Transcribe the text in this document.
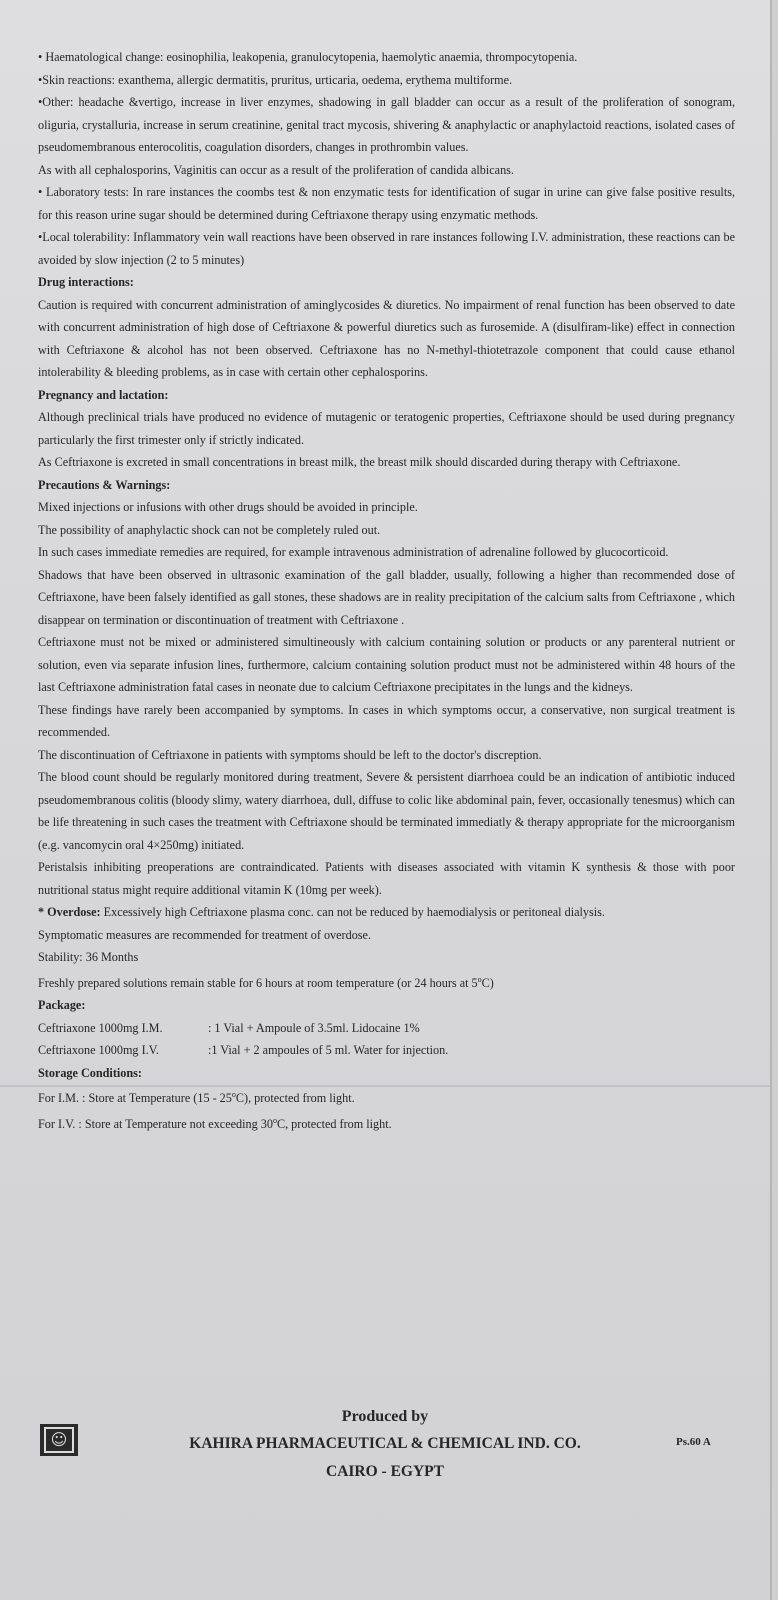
• Haematological change: eosinophilia, leakopenia, granulocytopenia, haemolytic anaemia, thrompocytopenia.

•Skin reactions: exanthema, allergic dermatitis, pruritus, urticaria, oedema, erythema multiforme.

•Other: headache &vertigo, increase in liver enzymes, shadowing in gall bladder can occur as a result of the proliferation of sonogram, oliguria, crystalluria, increase in serum creatinine, genital tract mycosis, shivering & anaphylactic or anaphylactoid reactions, isolated cases of pseudomembranous enterocolitis, coagulation disorders, changes in prothrombin values.

As with all cephalosporins, Vaginitis can occur as a result of the proliferation of candida albicans.

• Laboratory tests: In rare instances the coombs test & non enzymatic tests for identification of sugar in urine can give false positive results, for this reason urine sugar should be determined during Ceftriaxone therapy using enzymatic methods.

•Local tolerability: Inflammatory vein wall reactions have been observed in rare instances following I.V. administration, these reactions can be avoided by slow injection (2 to 5 minutes)

Drug interactions:

Caution is required with concurrent administration of aminglycosides & diuretics. No impairment of renal function has been observed to date with concurrent administration of high dose of Ceftriaxone & powerful diuretics such as furosemide. A (disulfiram-like) effect in connection with Ceftriaxone & alcohol has not been observed. Ceftriaxone has no N-methyl-thiotetrazole component that could cause ethanol intolerability & bleeding problems, as in case with certain other cephalosporins.

Pregnancy and lactation:

Although preclinical trials have produced no evidence of mutagenic or teratogenic properties, Ceftriaxone should be used during pregnancy particularly the first trimester only if strictly indicated.

As Ceftriaxone is excreted in small concentrations in breast milk, the breast milk should discarded during therapy with Ceftriaxone.

Precautions & Warnings:

Mixed injections or infusions with other drugs should be avoided in principle.

The possibility of anaphylactic shock can not be completely ruled out.

In such cases immediate remedies are required, for example intravenous administration of adrenaline followed by glucocorticoid.

Shadows that have been observed in ultrasonic examination of the gall bladder, usually, following a higher than recommended dose of Ceftriaxone, have been falsely identified as gall stones, these shadows are in reality precipitation of the calcium salts from Ceftriaxone , which disappear on termination or discontinuation of treatment with Ceftriaxone .

Ceftriaxone must not be mixed or administered simultineously with calcium containing solution or products or any parenteral nutrient or solution, even via separate infusion lines, furthermore, calcium containing solution product must not be administered within 48 hours of the last Ceftriaxone administration fatal cases in neonate due to calcium Ceftriaxone precipitates in the lungs and the kidneys.

These findings have rarely been accompanied by symptoms. In cases in which symptoms occur, a conservative, non surgical treatment is recommended.

The discontinuation of Ceftriaxone in patients with symptoms should be left to the doctor's discreption.

The blood count should be regularly monitored during treatment, Severe & persistent diarrhoea could be an indication of antibiotic induced pseudomembranous colitis (bloody slimy, watery diarrhoea, dull, diffuse to colic like abdominal pain, fever, occasionally tenesmus) which can be life threatening in such cases the treatment with Ceftriaxone should be terminated immediatly & therapy appropriate for the microorganism (e.g. vancomycin oral 4×250mg) initiated.

Peristalsis inhibiting preoperations are contraindicated. Patients with diseases associated with vitamin K synthesis & those with poor nutritional status might require additional vitamin K (10mg per week).

* Overdose: Excessively high Ceftriaxone plasma conc. can not be reduced by haemodialysis or peritoneal dialysis.

Symptomatic measures are recommended for treatment of overdose.

Stability: 36 Months

Freshly prepared solutions remain stable for 6 hours at room temperature (or 24 hours at 5$^o$C)

Package:

Ceftriaxone 1000mg I.M.	: 1 Vial + Ampoule of 3.5ml. Lidocaine 1%
Ceftriaxone 1000mg I.V.	:1 Vial + 2 ampoules of 5 ml. Water for injection.

Storage Conditions:

For I.M. : Store at Temperature (15 - 25$^o$C), protected from light.

For I.V. : Store at Temperature not exceeding 30$^o$C, protected from light.

☺
Produced by
KAHIRA PHARMACEUTICAL & CHEMICAL IND. CO.
CAIRO - EGYPT
Ps.60 A
